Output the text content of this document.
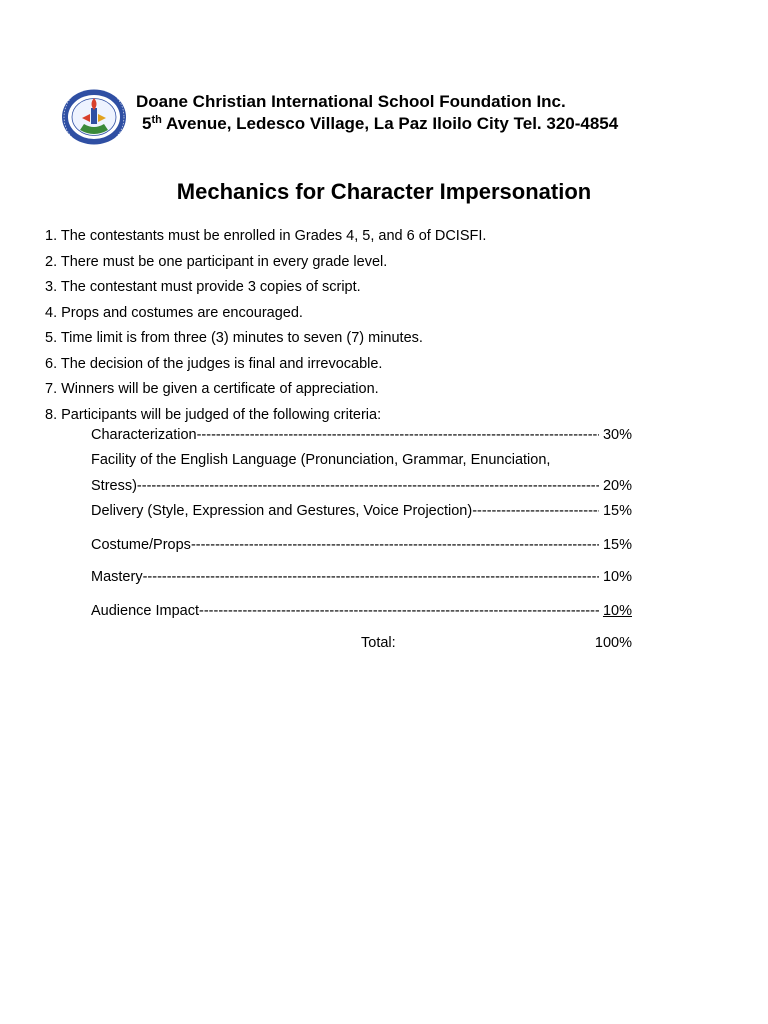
Doane Christian International School Foundation Inc.
5th Avenue, Ledesco Village, La Paz Iloilo City Tel. 320-4854
Mechanics for Character Impersonation
1. The contestants must be enrolled in Grades 4, 5, and 6 of DCISFI.
2. There must be one participant in every grade level.
3. The contestant must provide 3 copies of script.
4. Props and costumes are encouraged.
5. Time limit is from three (3) minutes to seven (7) minutes.
6. The decision of the judges is final and irrevocable.
7. Winners will be given a certificate of appreciation.
8. Participants will be judged of the following criteria:
Characterization -----	30%
Facility of the English Language (Pronunciation, Grammar, Enunciation,
Stress) -----	20%
Delivery (Style, Expression and Gestures, Voice Projection) -----	15%
Costume/Props -----	15%
Mastery -----	10%
Audience Impact -----	10%
Total:	100%
